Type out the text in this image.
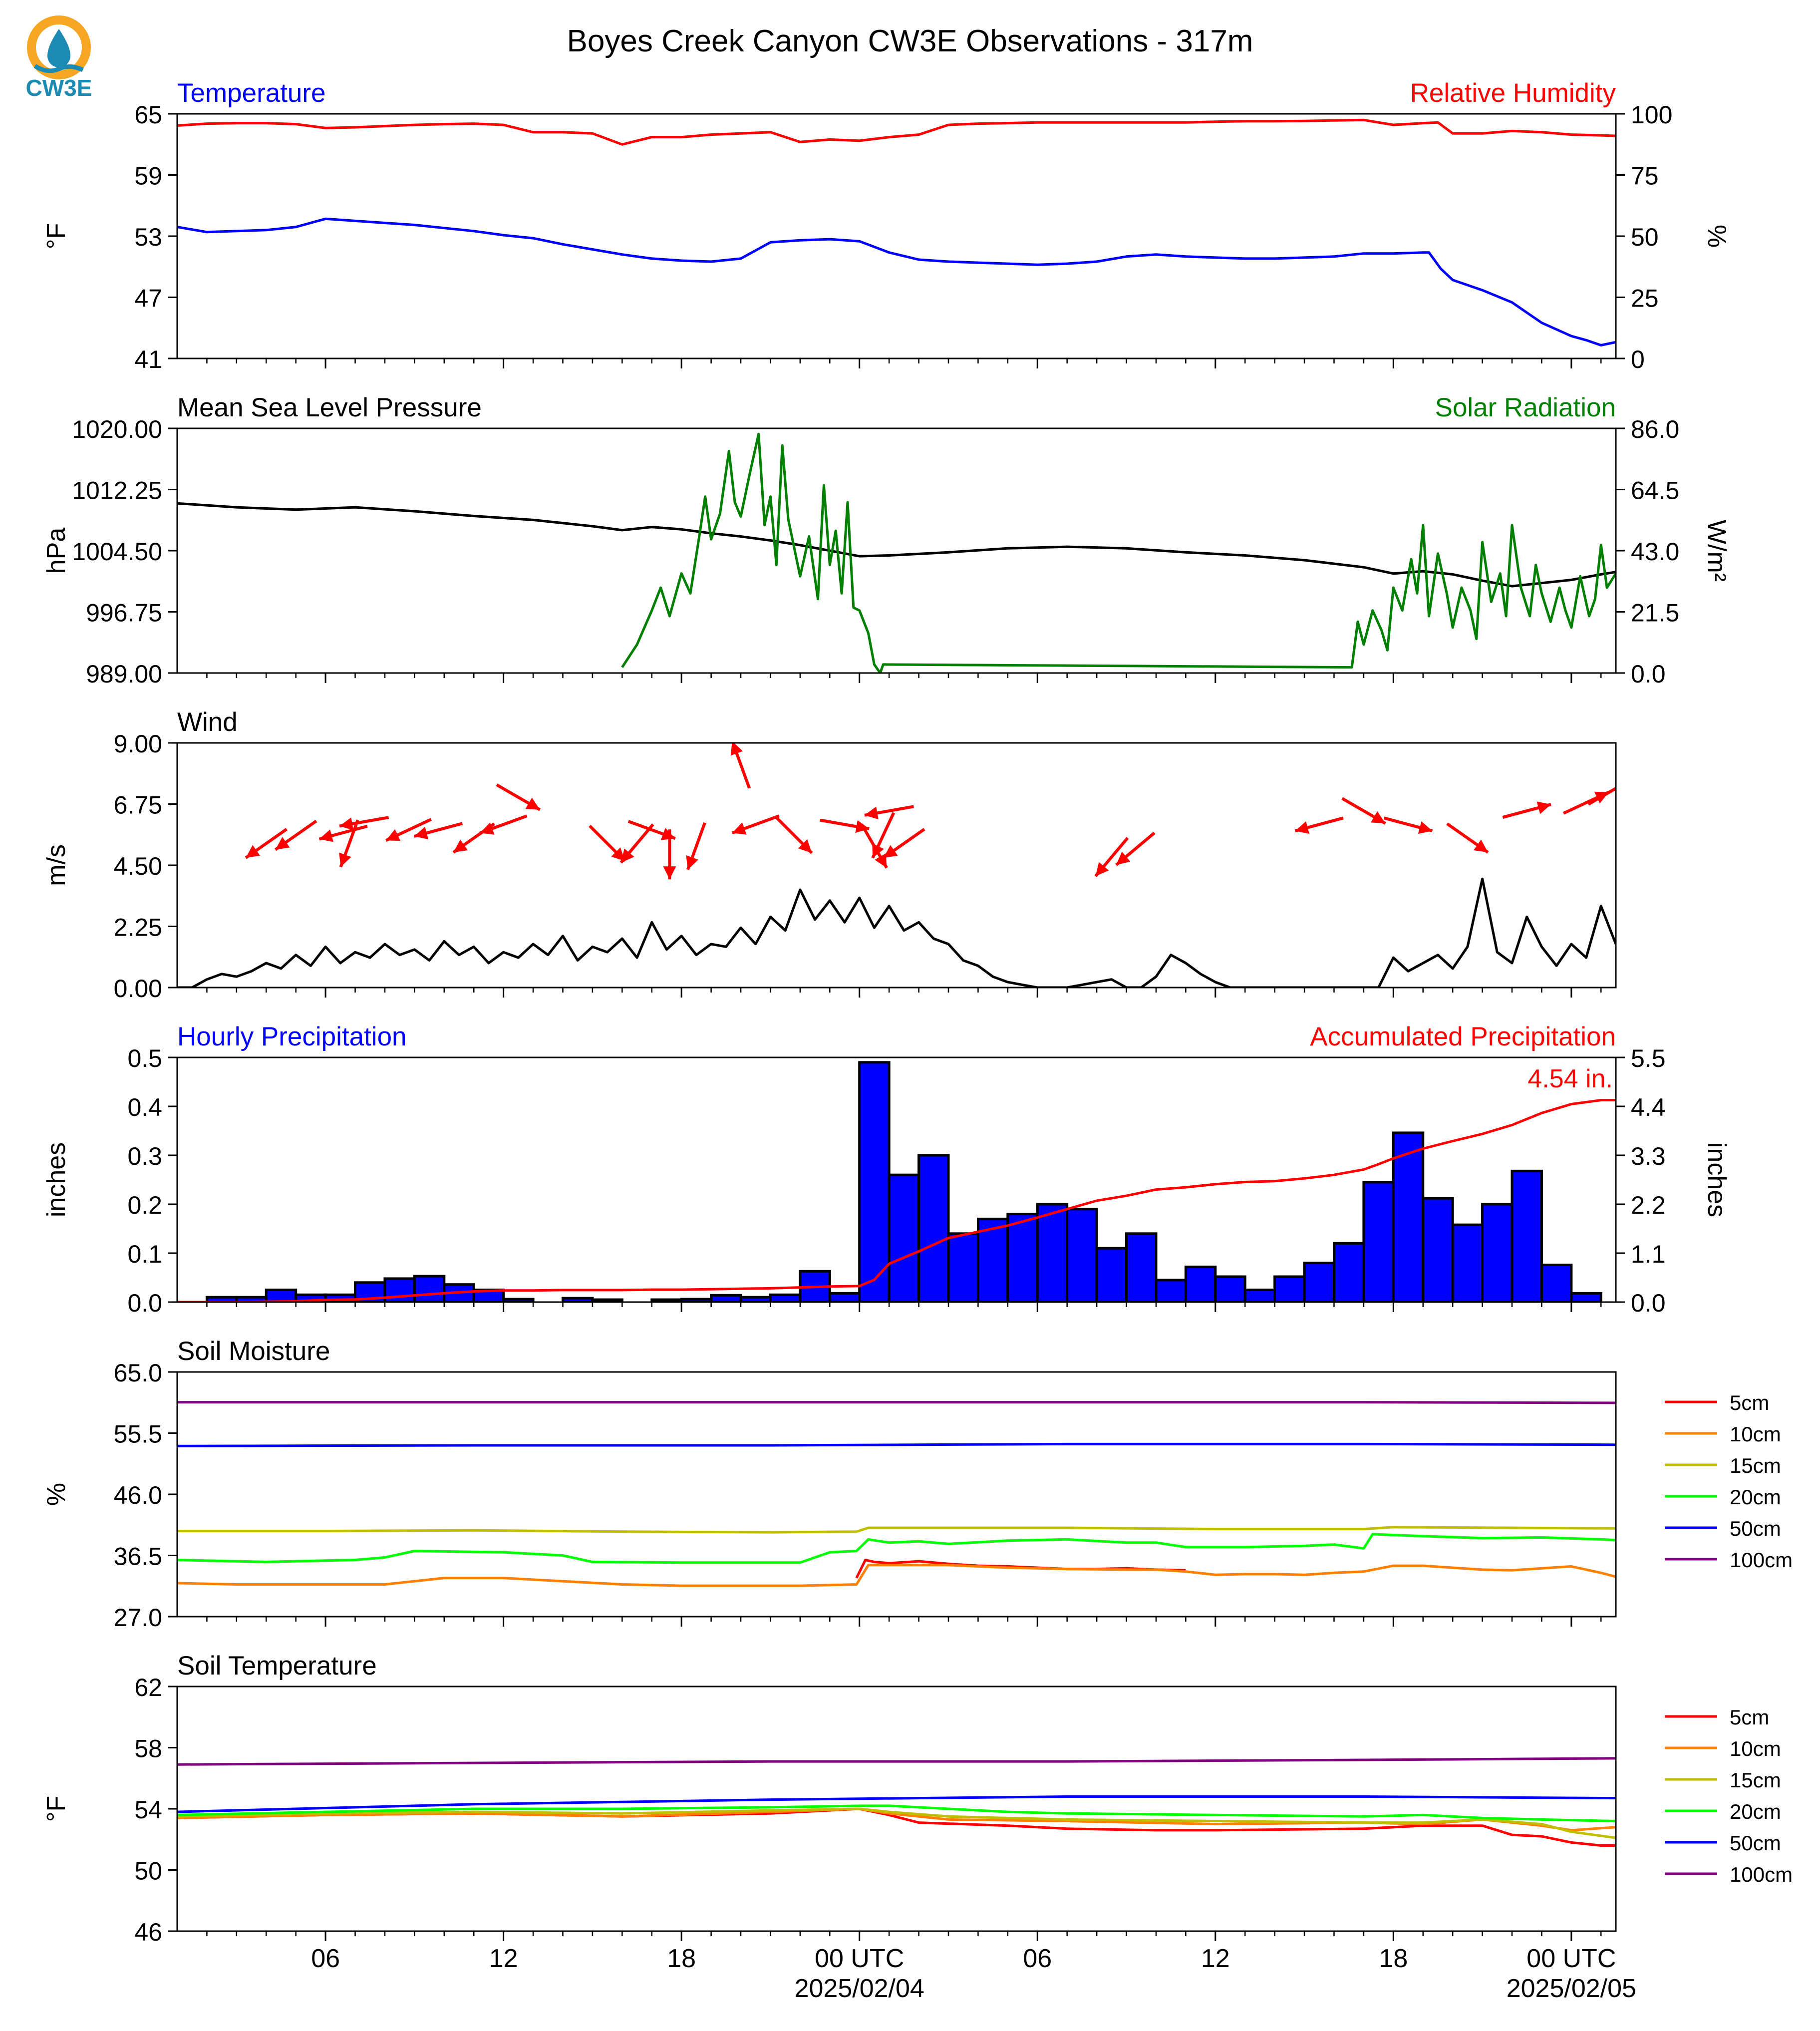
CW3E
Boyes Creek Canyon CW3E Observations - 317m
65
59
53
47
41
100
75
50
25
0
Temperature	Relative Humidity
°F	%
1020.00
1012.25
1004.50
996.75
989.00
86.0
64.5
43.0
21.5
0.0
Mean Sea Level Pressure	Solar Radiation
hPa	W/m²
9.00
6.75
4.50
2.25
0.00
Wind
m/s
0.5
0.4
0.3
0.2
0.1
0.0
5.5
4.4
3.3
2.2
1.1
0.0
Hourly Precipitation	Accumulated Precipitation
inches	inches
4.54 in.
65.0
55.5
46.0
36.5
27.0
Soil Moisture
%
5cm
10cm
15cm
20cm
50cm
100cm
62
58
54
50
46
Soil Temperature
°F
5cm
10cm
15cm
20cm
50cm
100cm
06	12	18	00 UTC
2025/02/04
06	12	18	00 UTC
2025/02/05
